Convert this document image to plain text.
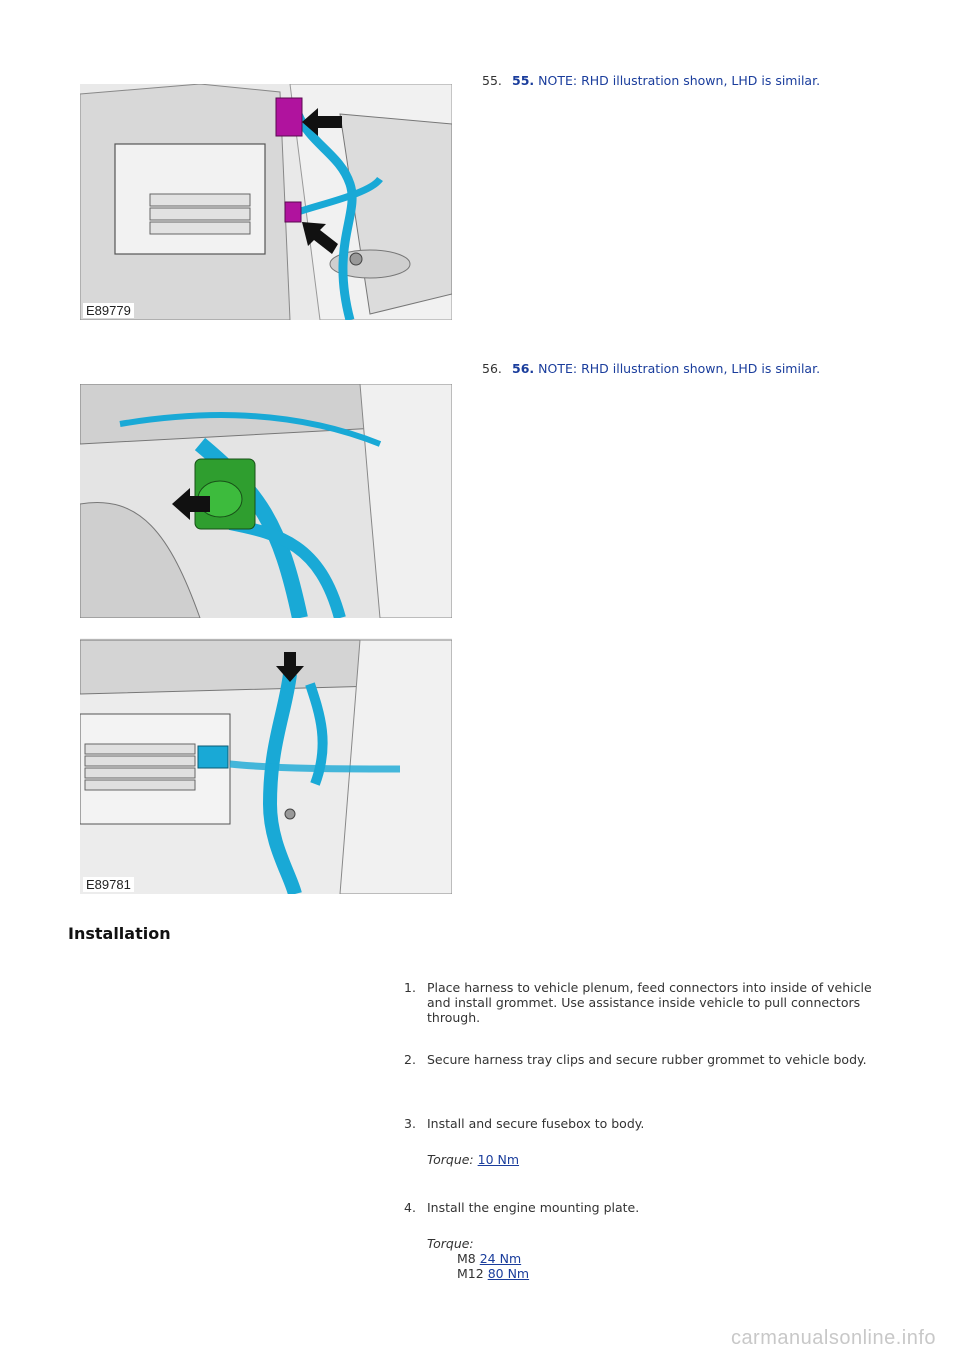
E89779
55. 55. NOTE: RHD illustration shown, LHD is similar.
56. 56. NOTE: RHD illustration shown, LHD is similar.
E89781
Installation
1. Place harness to vehicle plenum, feed connectors into inside of vehicle and install grommet. Use assistance inside vehicle to pull connectors through.
2. Secure harness tray clips and secure rubber grommet to vehicle body.
3. Install and secure fusebox to body.
Torque: 10 Nm
4. Install the engine mounting plate.
Torque:
M8 24 Nm
M12 80 Nm
carmanualsonline.info
